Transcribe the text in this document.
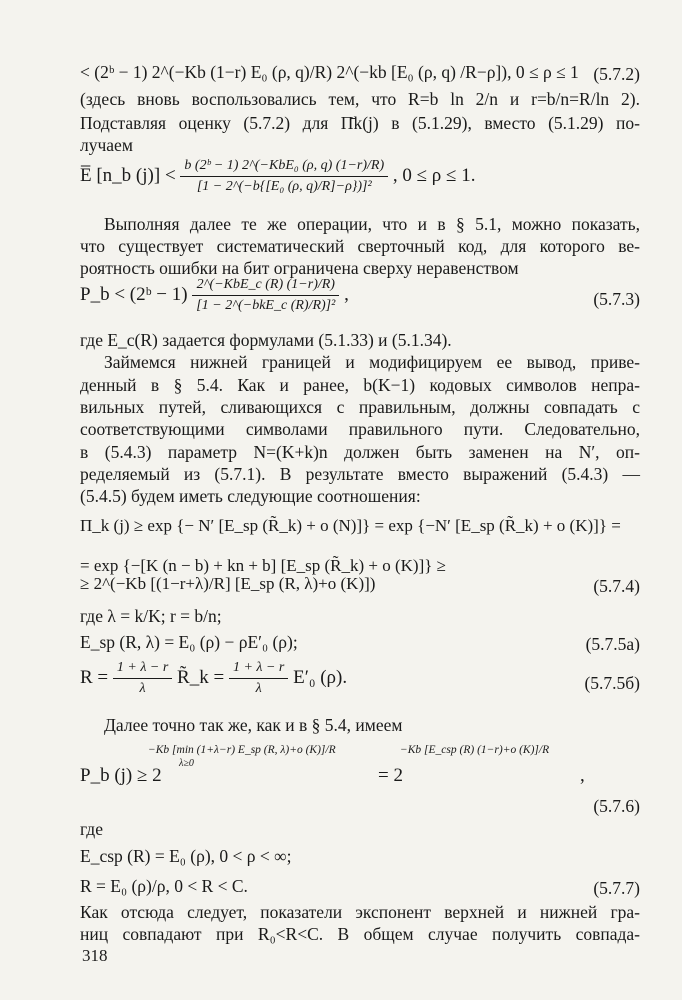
< (2ᵇ − 1) 2^(−Kb (1−r) E₀ (ρ, q)/R) 2^(−kb [E₀ (ρ, q) /R−ρ]), 0 ≤ ρ ≤ 1 (5.7.2)
(здесь вновь воспользовались тем, что R=b ln 2/n и r=b/n=R/ln 2).
Подставляя оценку (5.7.2) для Π̄k(j) в (5.1.29), вместо (5.1.29) по-
лучаем
E̅ [n_b $(j)] < \frac{\text{b (2ᵇ − 1) 2\textasciicircum{}(−KbE₀ (ρ, q) (1−r)/R)}}{\text{[1 − 2\textasciicircum{}(−b\{[E₀ (ρ, q)/R]−ρ\})]²}}$ , 0 ≤ ρ ≤ 1.
Выполняя далее те же операции, что и в § 5.1, можно показать,
что существует систематический сверточный код, для которого ве-
роятность ошибки на бит ограничена сверху неравенством
P_b < (2ᵇ − $1) \frac{\text{2\textasciicircum{}(−KbE\_c (R) (1−r)/R)}}{\text{[1 − 2\textasciicircum{}(−bkE\_c (R)/R)]²}}$ ,	(5.7.3)
где E_c(R) задается формулами (5.1.33) и (5.1.34).
Займемся нижней границей и модифицируем ее вывод, приве-
денный в § 5.4. Как и ранее, b(K−1) кодовых символов непра-
вильных путей, сливающихся с правильным, должны совпадать с
соответствующими символами правильного пути. Следовательно,
в (5.4.3) параметр N=(K+k)n должен быть заменен на N′, оп-
ределяемый из (5.7.1). В результате вместо выражений (5.4.3) —
(5.4.5) будем иметь следующие соотношения:
Π_k (j) ≥ exp {− N′ [E_sp (R̃_k) + o (N)]} = exp {−N′ [E_sp (R̃_k) + o (K)]} =
= exp {−[K (n − b) + kn + b] [E_sp (R̃_k) + o (K)]} ≥
≥ 2^(−Kb [(1−r+λ)/R] [E_sp (R, λ)+o (K)])	(5.7.4)
где λ = k/K; r = b/n;
E_sp (R, λ) = E₀ (ρ) − ρE′₀ (ρ);	(5.7.5a)
$R = \frac{1 + \lambda - r}{\lambda}$ R̃_k = $\frac{1 + \lambda - r}{\lambda} E'_0$ (ρ).	(5.7.5б)
Далее точно так же, как и в § 5.4, имеем
−Kb [min (1+λ−r) E_sp (R, λ)+o (K)]/R
λ≥0
−Kb [E_csp (R) (1−r)+o (K)]/R
P_b (j) ≥ 2	= 2	,
(5.7.6)
где
E_csp (R) = E₀ (ρ), 0 < ρ < ∞;
R = E₀ (ρ)/ρ, 0 < R < C.	(5.7.7)
Как отсюда следует, показатели экспонент верхней и нижней гра-
ниц совпадают при R₀<R<C. В общем случае получить совпада-
318
